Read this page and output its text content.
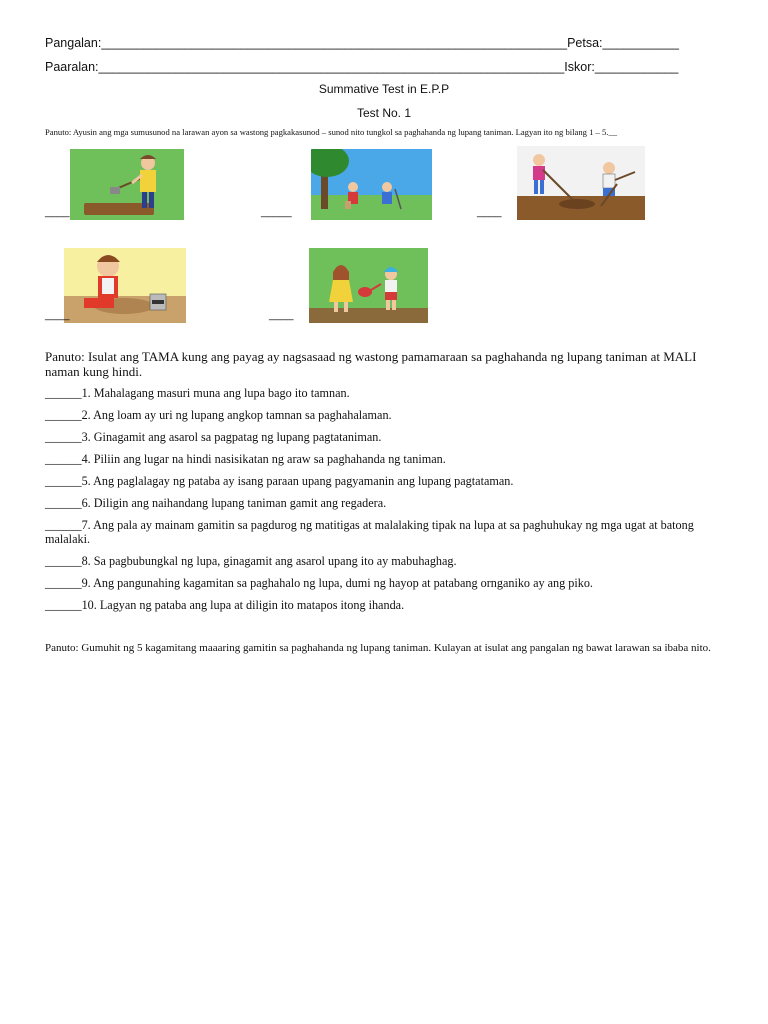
Pangalan:___________________________________________________________________Petsa:___________
Paaralan:___________________________________________________________________Iskor:____________
Summative Test in E.P.P
Test No. 1
Panuto: Ayusin ang mga sumusunod na larawan ayon sa wastong pagkakasunod – sunod nito tungkol sa paghahanda ng lupang taniman. Lagyan ito ng bilang 1 – 5.__
____	_____	____
____	____
Panuto: Isulat ang TAMA kung ang payag ay nagsasaad ng wastong pamamaraan sa paghahanda ng lupang taniman at MALI naman kung hindi.
______1. Mahalagang masuri muna ang lupa bago ito tamnan.
______2. Ang loam ay uri ng lupang angkop tamnan sa paghahalaman.
______3. Ginagamit ang asarol sa pagpatag ng lupang pagtataniman.
______4. Piliin ang lugar na hindi nasisikatan ng araw sa paghahanda ng taniman.
______5. Ang paglalagay ng pataba ay isang paraan upang pagyamanin ang lupang pagtataman.
______6. Diligin ang naihandang lupang taniman gamit ang regadera.
______7. Ang pala ay mainam gamitin sa pagdurog ng matitigas at malalaking tipak na lupa at sa paghuhukay ng mga ugat at batong malalaki.
______8. Sa pagbubungkal ng lupa, ginagamit ang asarol upang ito ay mabuhaghag.
______9. Ang pangunahing kagamitan sa paghahalo ng lupa, dumi ng hayop at patabang ornganiko ay ang piko.
______10. Lagyan ng pataba ang lupa at diligin ito matapos itong ihanda.
Panuto: Gumuhit ng 5 kagamitang maaaring gamitin sa paghahanda ng lupang taniman. Kulayan at isulat ang pangalan ng bawat larawan sa ibaba nito.
